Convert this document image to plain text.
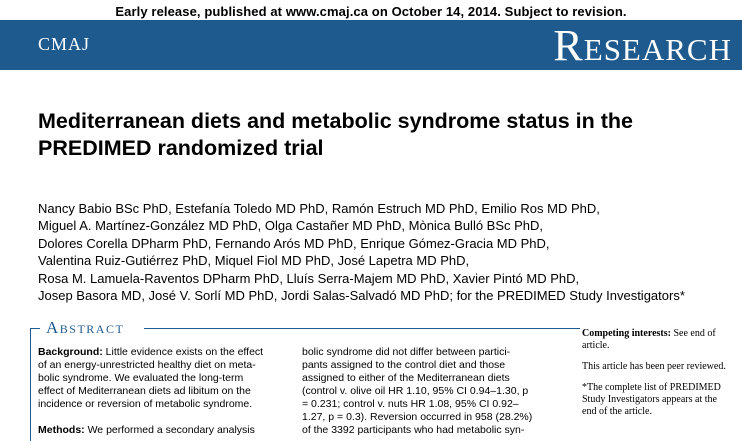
Early release, published at www.cmaj.ca on October 14, 2014. Subject to revision.
CMAJ	Research
Mediterranean diets and metabolic syndrome status in the
PREDIMED randomized trial
Nancy Babio BSc PhD, Estefanía Toledo MD PhD, Ramón Estruch MD PhD, Emilio Ros MD PhD,
Miguel A. Martínez-González MD PhD, Olga Castañer MD PhD, Mònica Bulló BSc PhD,
Dolores Corella DPharm PhD, Fernando Arós MD PhD, Enrique Gómez-Gracia MD PhD,
Valentina Ruiz-Gutiérrez PhD, Miquel Fiol MD PhD, José Lapetra MD PhD,
Rosa M. Lamuela-Raventos DPharm PhD, Lluís Serra-Majem MD PhD, Xavier Pintó MD PhD,
Josep Basora MD, José V. Sorlí MD PhD, Jordi Salas-Salvadó MD PhD; for the PREDIMED Study Investigators*
Abstract

Background: Little evidence exists on the effect
of an energy-unrestricted healthy diet on meta-
bolic syndrome. We evaluated the long-term
effect of Mediterranean diets ad libitum on the
incidence or reversion of metabolic syndrome.

Methods: We performed a secondary analysis

bolic syndrome did not differ between partici-
pants assigned to the control diet and those
assigned to either of the Mediterranean diets
(control v. olive oil HR 1.10, 95% CI 0.94–1.30, p
= 0.231; control v. nuts HR 1.08, 95% CI 0.92–
1.27, p = 0.3). Reversion occurred in 958 (28.2%)
of the 3392 participants who had metabolic syn-

Competing interests: See end of article.

This article has been peer reviewed.

*The complete list of PREDIMED Study Investigators appears at the end of the article.
